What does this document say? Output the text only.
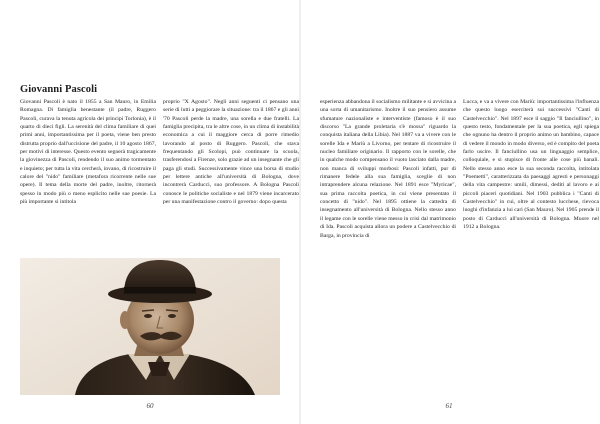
Giovanni Pascoli

Giovanni Pascoli è nato il 1855 a San Mauro, in Emilia Romagna. Di famiglia benestante (il padre, Ruggero Pascoli, curava la tenuta agricola dei principi Torlonia), è il quarto di dieci figli. La serenità del clima familiare di quei primi anni, importantissima per il poeta, viene ben presto distrutta proprio dall'uccisione del padre, il 10 agosto 1867, per motivi di interesse. Questo evento segnerà tragicamente la giovinezza di Pascoli, rendendo il suo animo tormentato e inquieto; per tutta la vita cercherà, invano, di ricostruire il calore del "nido" familiare (metafora ricorrente nelle sue opere). Il tema della morte del padre, inoltre, ritornerà spesso in modo più o meno esplicito nelle sue poesie. La più importante si intitola

proprio "X Agosto". Negli anni seguenti ci pensano una serie di lutti a peggiorare la situazione: tra il 1867 e gli anni '70 Pascoli perde la madre, una sorella e due fratelli. La famiglia precipita, tra le altre cose, in un clima di instabilità economica a cui il maggiore cerca di porre rimedio lavorando al posto di Ruggero. Pascoli, che stava frequentando gli Scolopi, può continuare la scuola, trasferendosi a Firenze, solo grazie ad un insegnante che gli paga gli studi. Successivamente vince una borsa di studio per lettere antiche all'università di Bologna, dove incontrerà Carducci, suo professore. A Bologna Pascoli conosce le politiche socialiste e nel 1879 viene incarcerato per una manifestazione contro il governo: dopo questa

60

esperienza abbandona il socialismo militante e si avvicina a una sorta di umanitarismo. Inoltre il suo pensiero assume sfumature nazionaliste e interventiste (famoso è il suo discorso "La grande proletaria s'è mossa" riguardo la conquista italiana della Libia). Nel 1887 va a vivere con le sorelle Ida e Mariù a Livorno, per tentare di ricostruire il nucleo familiare originario. Il rapporto con le sorelle, che in qualche modo compensano il vuoto lasciato dalla madre, non manca di sviluppi morbosi: Pascoli infatti, pur di rimanere fedele alla sua famiglia, sceglie di non intraprendere alcuna relazione. Nel 1891 esce "Myricae", sua prima raccolta poetica, in cui viene presentato il concetto di "nido". Nel 1895 ottiene la cattedra di insegnamento all'università di Bologna. Nello stesso anno il legame con le sorelle viene messo in crisi dal matrimonio di Ida. Pascoli acquista allora un podere a Castelvecchio di Barga, in provincia di

Lucca, e va a vivere con Mariù: importantissima l'influenza che questo luogo eserciterà sui successivi "Canti di Castelvecchio". Nel 1897 esce il saggio "Il fanciullino", in questo testo, fondamentale per la sua poetica, egli spiega che ognuno ha dentro il proprio animo un bambino, capace di vedere il mondo in modo diverso, ed è compito del poeta farlo uscire. Il fanciullino usa un linguaggio semplice, colloquiale, e si stupisce di fronte alle cose più banali. Nello stesso anno esce la sua seconda raccolta, intitolata "Poemetti", caratterizzata da paesaggi agresti e personaggi della vita campestre: umili, dimessi, dediti al lavoro e ai piccoli piaceri quotidiani. Nel 1903 pubblica i "Canti di Castelvecchio" in cui, oltre al contesto lucchese, rievoca luoghi d'infanzia a lui cari (San Mauro). Nel 1905 prende il posto di Carducci all'università di Bologna. Muore nel 1912 a Bologna.

61
